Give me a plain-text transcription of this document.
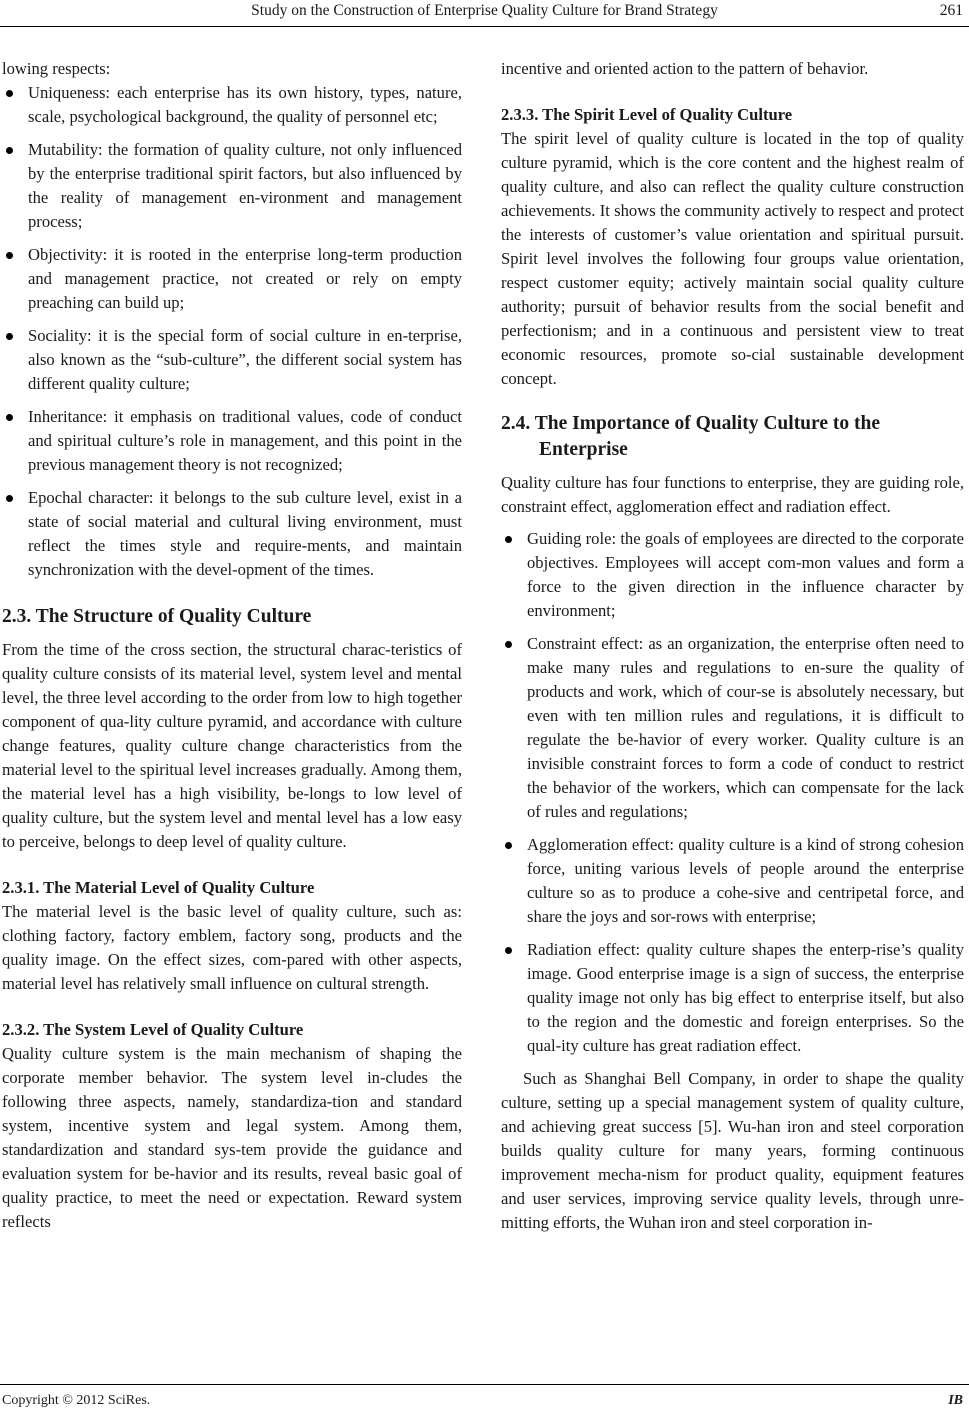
Study on the Construction of Enterprise Quality Culture for Brand Strategy	261

lowing respects:

Uniqueness: each enterprise has its own history, types, nature, scale, psychological background, the quality of personnel etc;
Mutability: the formation of quality culture, not only influenced by the enterprise traditional spirit factors, but also influenced by the reality of management en-vironment and management process;
Objectivity: it is rooted in the enterprise long-term production and management practice, not created or rely on empty preaching can build up;
Sociality: it is the special form of social culture in en-terprise, also known as the “sub-culture”, the different social system has different quality culture;
Inheritance: it emphasis on traditional values, code of conduct and spiritual culture’s role in management, and this point in the previous management theory is not recognized;
Epochal character: it belongs to the sub culture level, exist in a state of social material and cultural living environment, must reflect the times style and require-ments, and maintain synchronization with the devel-opment of the times.
2.3. The Structure of Quality Culture

From the time of the cross section, the structural charac-teristics of quality culture consists of its material level, system level and mental level, the three level according to the order from low to high together component of qua-lity culture pyramid, and accordance with culture change features, quality culture change characteristics from the material level to the spiritual level increases gradually. Among them, the material level has a high visibility, be-longs to low level of quality culture, but the system level and mental level has a low easy to perceive, belongs to deep level of quality culture.

2.3.1. The Material Level of Quality Culture

The material level is the basic level of quality culture, such as: clothing factory, factory emblem, factory song, products and the quality image. On the effect sizes, com-pared with other aspects, material level has relatively small influence on cultural strength.

2.3.2. The System Level of Quality Culture

Quality culture system is the main mechanism of shaping the corporate member behavior. The system level in-cludes the following three aspects, namely, standardiza-tion and standard system, incentive system and legal system. Among them, standardization and standard sys-tem provide the guidance and evaluation system for be-havior and its results, reveal basic goal of quality practice, to meet the need or expectation. Reward system reflects

incentive and oriented action to the pattern of behavior.

2.3.3. The Spirit Level of Quality Culture

The spirit level of quality culture is located in the top of quality culture pyramid, which is the core content and the highest realm of quality culture, and also can reflect the quality culture construction achievements. It shows the community actively to respect and protect the interests of customer’s value orientation and spiritual pursuit. Spirit level involves the following four groups value orientation, respect customer equity; actively maintain social quality culture authority; pursuit of behavior results from the social benefit and perfectionism; and in a continuous and persistent view to treat economic resources, promote so-cial sustainable development concept.

2.4. The Importance of Quality Culture to the
Enterprise

Quality culture has four functions to enterprise, they are guiding role, constraint effect, agglomeration effect and radiation effect.

Guiding role: the goals of employees are directed to the corporate objectives. Employees will accept com-mon values and form a force to the given direction in the influence character by environment;
Constraint effect: as an organization, the enterprise often need to make many rules and regulations to en-sure the quality of products and work, which of cour-se is absolutely necessary, but even with ten million rules and regulations, it is difficult to regulate the be-havior of every worker. Quality culture is an invisible constraint forces to form a code of conduct to restrict the behavior of the workers, which can compensate for the lack of rules and regulations;
Agglomeration effect: quality culture is a kind of strong cohesion force, uniting various levels of people around the enterprise culture so as to produce a cohe-sive and centripetal force, and share the joys and sor-rows with enterprise;
Radiation effect: quality culture shapes the enterp-rise’s quality image. Good enterprise image is a sign of success, the enterprise quality image not only has big effect to enterprise itself, but also to the region and the domestic and foreign enterprises. So the qual-ity culture has great radiation effect.

Such as Shanghai Bell Company, in order to shape the quality culture, setting up a special management system of quality culture, and achieving great success [5]. Wu-han iron and steel corporation builds quality culture for many years, forming continuous improvement mecha-nism for product quality, equipment features and user services, improving service quality levels, through unre-mitting efforts, the Wuhan iron and steel corporation in-

Copyright © 2012 SciRes.	IB
